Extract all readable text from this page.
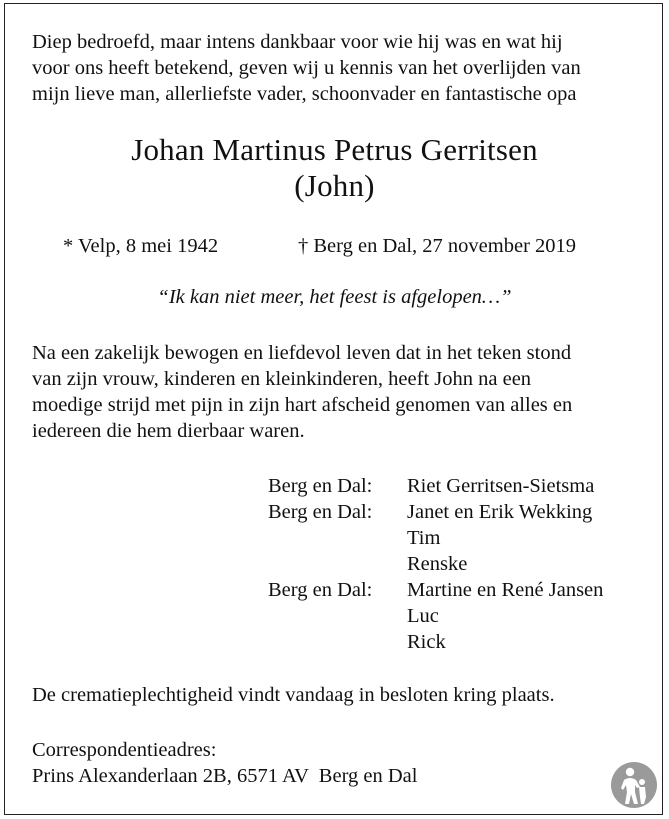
Diep bedroefd, maar intens dankbaar voor wie hij was en wat hij
voor ons heeft betekend, geven wij u kennis van het overlijden van
mijn lieve man, allerliefste vader, schoonvader en fantastische opa
Johan Martinus Petrus Gerritsen
(John)
* Velp, 8 mei 1942	† Berg en Dal, 27 november 2019
“Ik kan niet meer, het feest is afgelopen…”
Na een zakelijk bewogen en liefdevol leven dat in het teken stond
van zijn vrouw, kinderen en kleinkinderen, heeft John na een
moedige strijd met pijn in zijn hart afscheid genomen van alles en
iedereen die hem dierbaar waren.
Berg en Dal:	Riet Gerritsen-Sietsma
Berg en Dal:	Janet en Erik Wekking
Tim
Renske
Berg en Dal:	Martine en René Jansen
Luc
Rick
De crematieplechtigheid vindt vandaag in besloten kring plaats.
Correspondentieadres:
Prins Alexanderlaan 2B, 6571 AV  Berg en Dal
